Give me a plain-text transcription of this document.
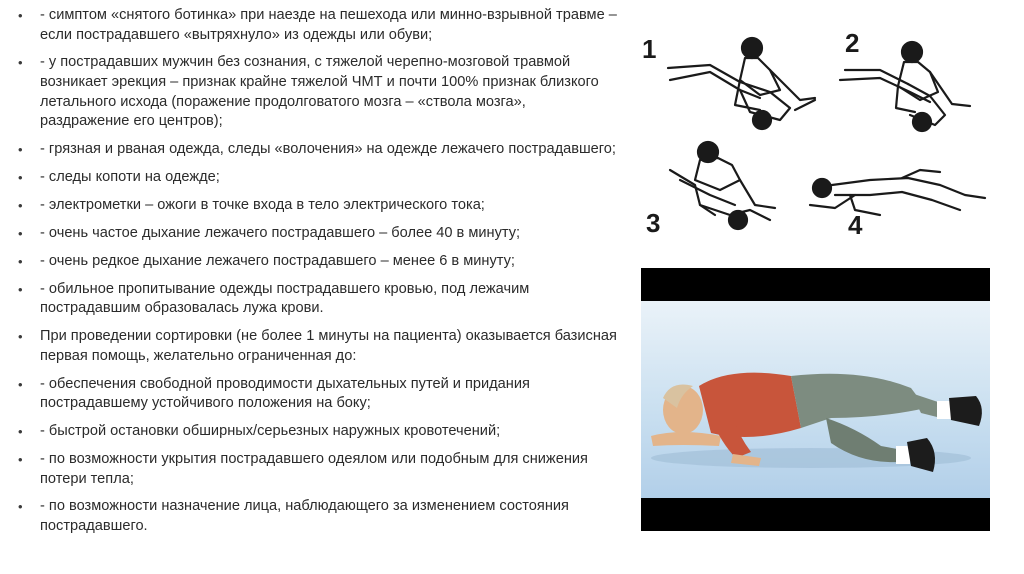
•	- симптом «снятого ботинка» при наезде на пешехода или минно-взрывной травме – если пострадавшего «вытряхнуло» из одежды или обуви;
•	- у пострадавших мужчин без сознания, с тяжелой черепно-мозговой травмой возникает эрекция – признак крайне тяжелой ЧМТ и почти 100% признак близкого летального исхода (поражение продолговатого мозга – «ствола мозга», раздражение его центров);
•	- грязная и рваная одежда, следы «волочения» на одежде лежачего пострадавшего;
•	- следы копоти на одежде;
•	- электрометки – ожоги в точке входа в тело электрического тока;
•	- очень частое дыхание лежачего пострадавшего – более 40 в минуту;
•	- очень редкое дыхание лежачего пострадавшего – менее 6 в минуту;
•	- обильное пропитывание одежды пострадавшего кровью, под лежачим пострадавшим образовалась лужа крови.
•	При проведении сортировки (не более 1 минуты на пациента) оказывается базисная первая помощь, желательно ограниченная до:
•	- обеспечения свободной проводимости дыхательных путей и придания пострадавшему устойчивого положения на боку;
•	- быстрой остановки обширных/серьезных наружных кровотечений;
•	- по возможности укрытия пострадавшего одеялом или подобным для снижения потери тепла;
•	- по возможности назначение лица, наблюдающего за изменением состояния пострадавшего.
1	2
3	4
